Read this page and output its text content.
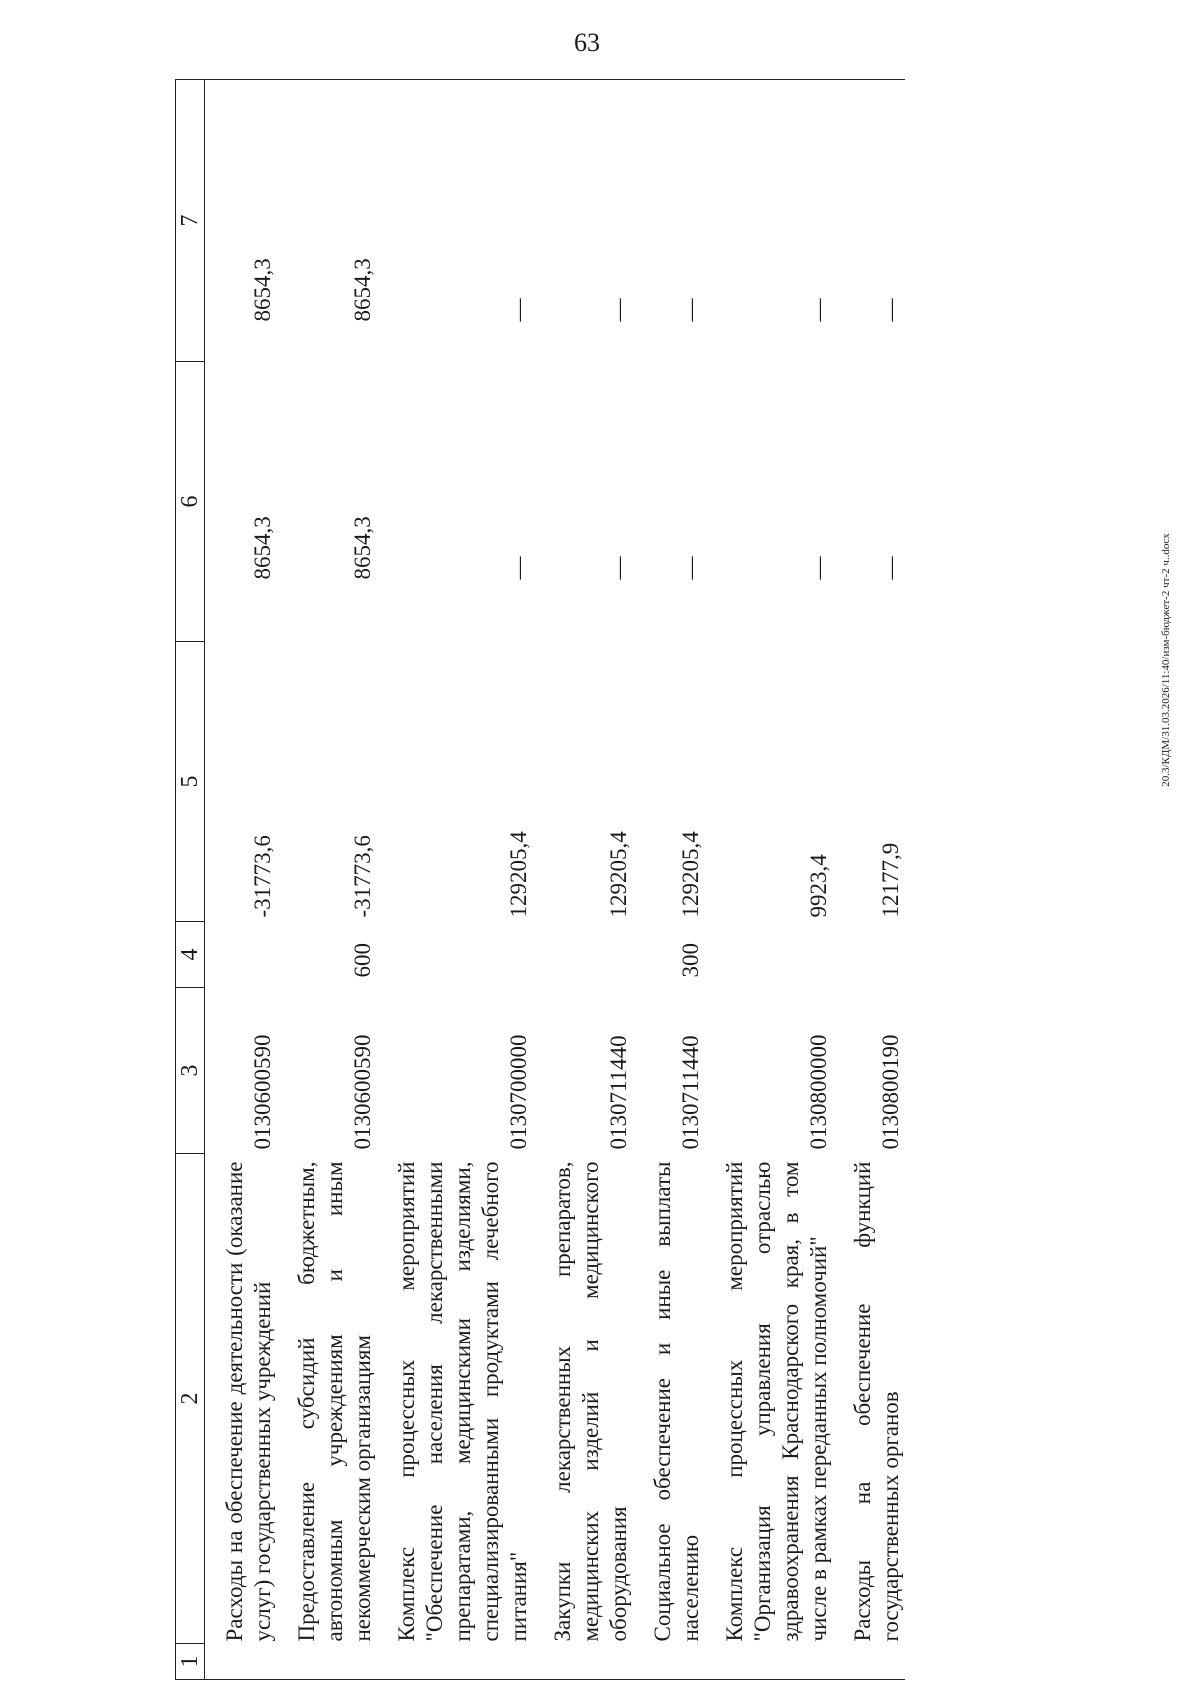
63
1	2	3	4	5	6	7
	Расходы на обеспечение деятельности (оказание услуг) государственных учреждений	0130600590		-31773,6	8654,3	8654,3
	Предоставление субсидий бюджетным, автономным учреждениям и иным некоммерческим организациям	0130600590	600	-31773,6	8654,3	8654,3
	Комплекс процессных мероприятий "Обеспечение населения лекарственными препаратами, медицинскими изделиями, специализированными продуктами лечебного питания"	0130700000		129205,4	—	—
	Закупки лекарственных препаратов, медицинских изделий и медицинского оборудования	0130711440		129205,4	—	—
	Социальное обеспечение и иные выплаты населению	0130711440	300	129205,4	—	—
	Комплекс процессных мероприятий "Организация управления отраслью здравоохранения Краснодарского края, в том числе в рамках переданных полномочий"	0130800000		9923,4	—	—
	Расходы на обеспечение функций государственных органов	0130800190		12177,9	—	—
20.3/КДМ/31.03.2026/11:40/изм-бюджет-2 чт-2 ч..docx
